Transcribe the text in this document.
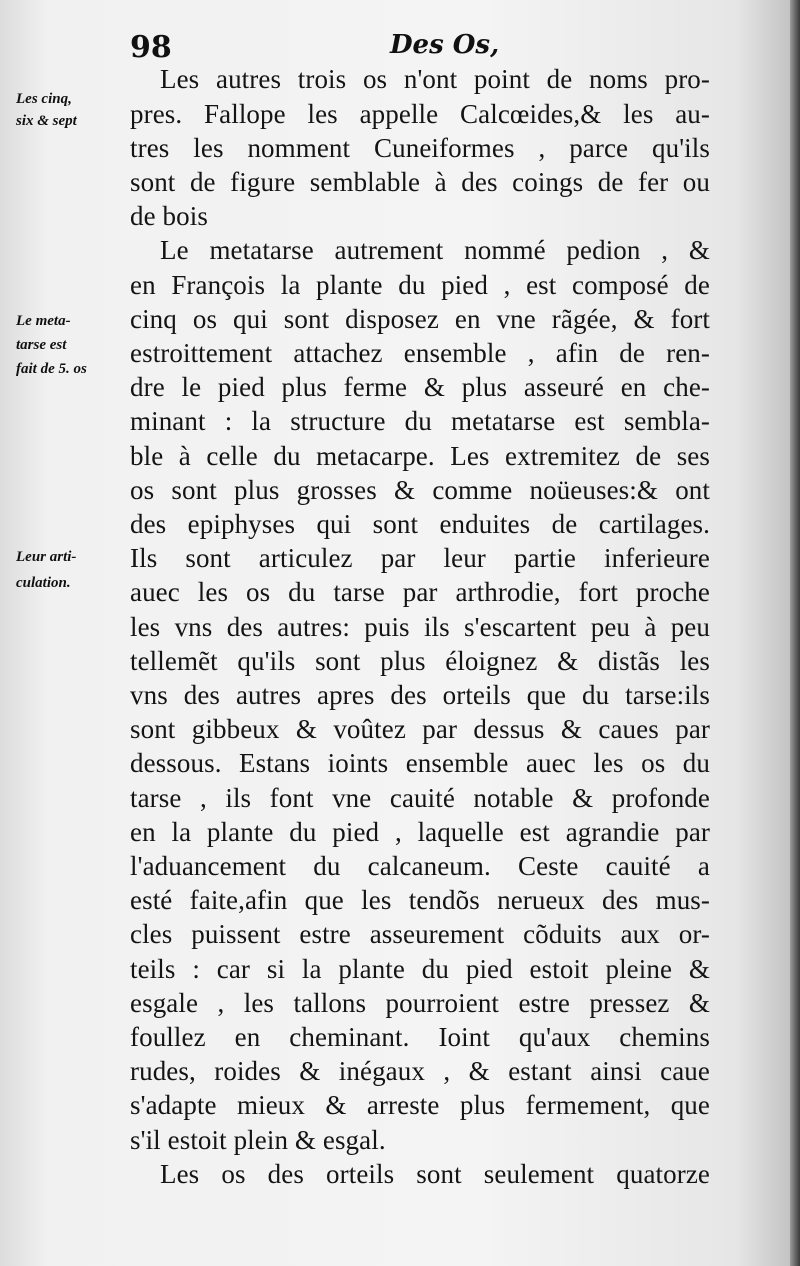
98	Des Os,
Les cinq,
six & sept
Le meta-
tarse est
fait de 5. os
Leur arti-
culation.
Les autres trois os n'ont point de noms pro-
pres. Fallope les appelle Calcœides,& les au-
tres les nomment Cuneiformes , parce qu'ils
sont de figure semblable à des coings de fer ou
de bois
Le metatarse autrement nommé pedion , &
en François la plante du pied , est composé de
cinq os qui sont disposez en vne rãgée, & fort
estroittement attachez ensemble , afin de ren-
dre le pied plus ferme & plus asseuré en che-
minant : la structure du metatarse est sembla-
ble à celle du metacarpe. Les extremitez de ses
os sont plus grosses & comme noüeuses:& ont
des epiphyses qui sont enduites de cartilages.
Ils sont articulez par leur partie inferieure
auec les os du tarse par arthrodie, fort proche
les vns des autres: puis ils s'escartent peu à peu
tellemẽt qu'ils sont plus éloignez & distãs les
vns des autres apres des orteils que du tarse:ils
sont gibbeux & voûtez par dessus & caues par
dessous. Estans ioints ensemble auec les os du
tarse , ils font vne cauité notable & profonde
en la plante du pied , laquelle est agrandie par
l'aduancement du calcaneum. Ceste cauité a
esté faite,afin que les tendõs nerueux des mus-
cles puissent estre asseurement cõduits aux or-
teils : car si la plante du pied estoit pleine &
esgale , les tallons pourroient estre pressez &
foullez en cheminant. Ioint qu'aux chemins
rudes, roides & inégaux , & estant ainsi caue
s'adapte mieux & arreste plus fermement, que
s'il estoit plein & esgal.
Les os des orteils sont seulement quatorze
